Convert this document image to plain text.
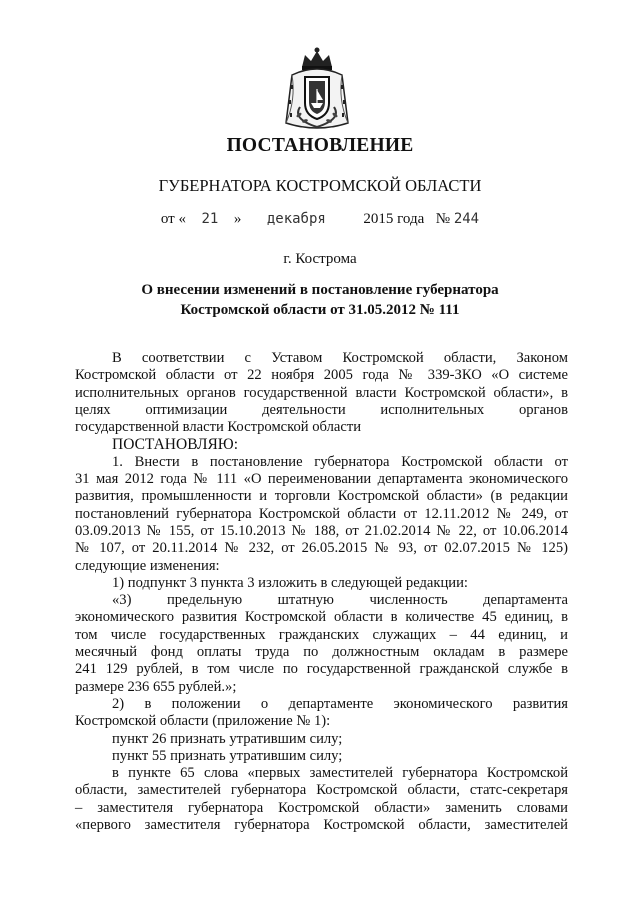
ПОСТАНОВЛЕНИЕ
ГУБЕРНАТОРА КОСТРОМСКОЙ ОБЛАСТИ
от « 21 » декабря	2015 года № 244
г. Кострома
О внесении изменений в постановление губернатора
Костромской области от 31.05.2012 № 111

В соответствии с Уставом Костромской области, Законом

Костромской области от 22 ноября 2005 года № 339-ЗКО «О системе

исполнительных органов государственной власти Костромской области», в

целях оптимизации деятельности исполнительных органов

государственной власти Костромской области

ПОСТАНОВЛЯЮ:

1. Внести в постановление губернатора Костромской области от

31 мая 2012 года № 111 «О переименовании департамента экономического

развития, промышленности и торговли Костромской области» (в редакции

постановлений губернатора Костромской области от 12.11.2012 № 249, от

03.09.2013 № 155, от 15.10.2013 № 188, от 21.02.2014 № 22, от 10.06.2014

№ 107, от 20.11.2014 № 232, от 26.05.2015 № 93, от 02.07.2015 № 125)

следующие изменения:

1) подпункт 3 пункта 3 изложить в следующей редакции:

«3) предельную штатную численность департамента

экономического развития Костромской области в количестве 45 единиц, в

том числе государственных гражданских служащих – 44 единиц, и

месячный фонд оплаты труда по должностным окладам в размере

241 129 рублей, в том числе по государственной гражданской службе в

размере 236 655 рублей.»;

2) в положении о департаменте экономического развития

Костромской области (приложение № 1):

пункт 26 признать утратившим силу;

пункт 55 признать утратившим силу;

в пункте 65 слова «первых заместителей губернатора Костромской

области, заместителей губернатора Костромской области, статс-секретаря

– заместителя губернатора Костромской области» заменить словами

«первого заместителя губернатора Костромской области, заместителей
